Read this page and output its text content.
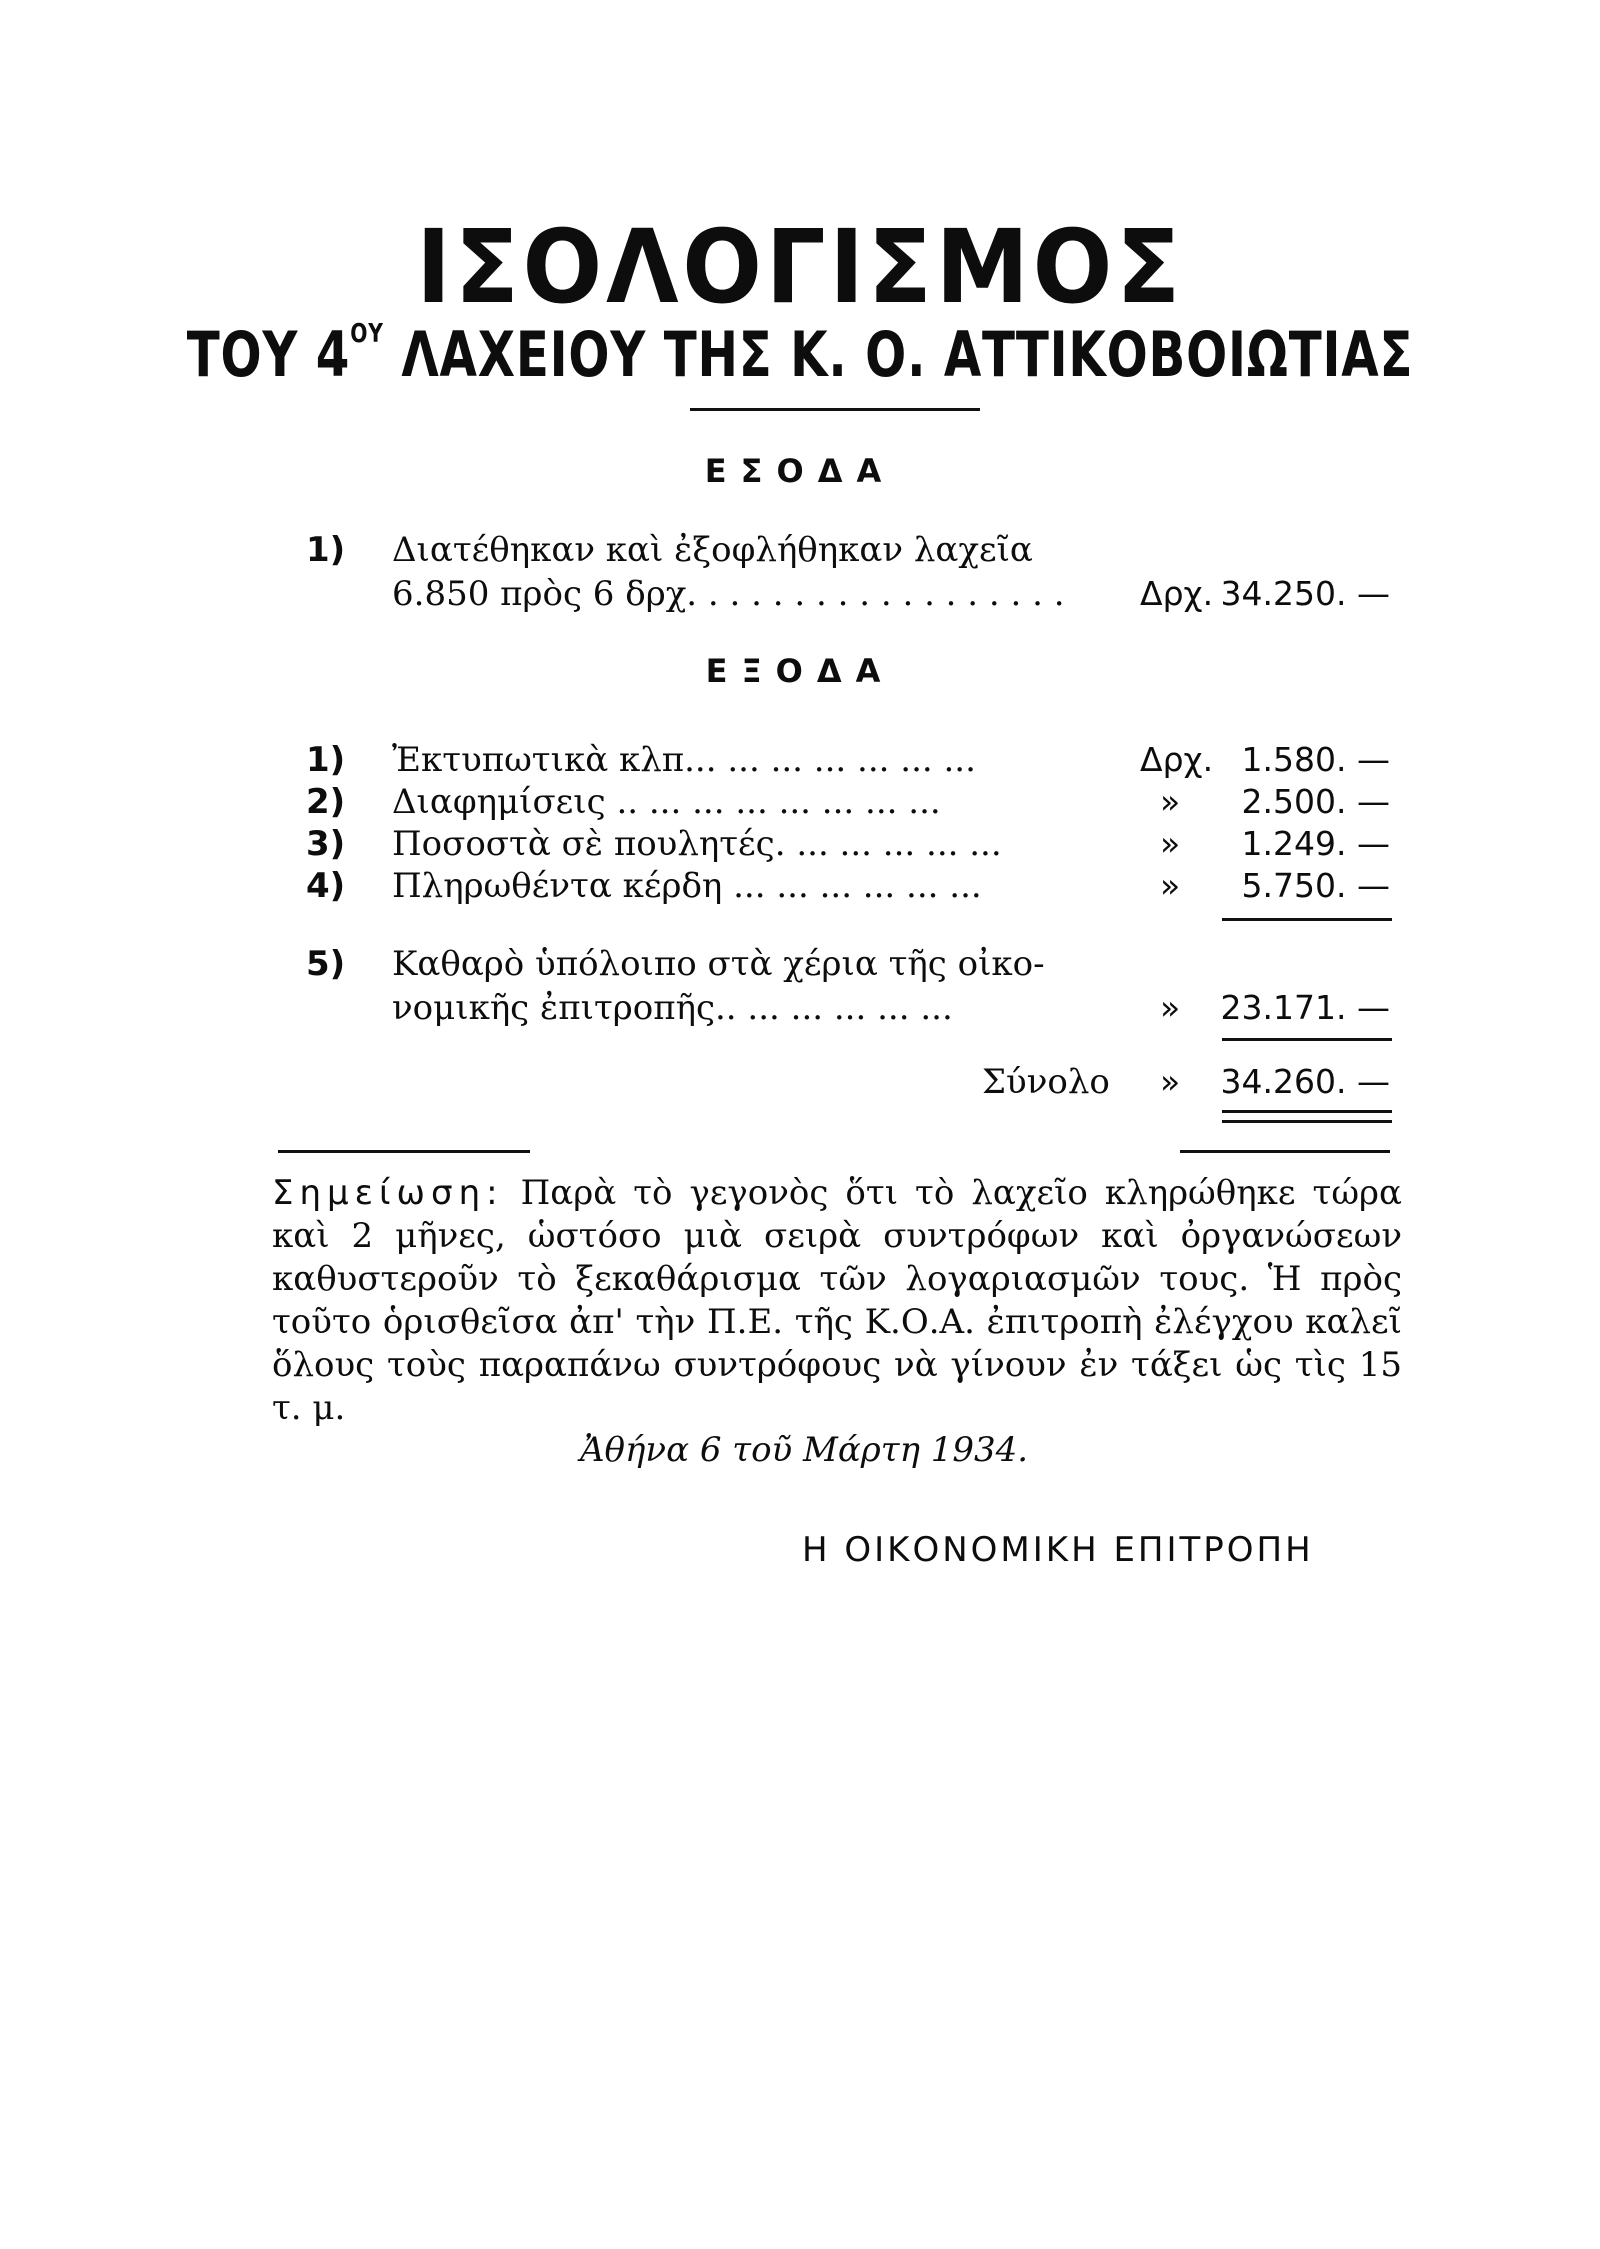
ΙΣΟΛΟΓΙΣΜΟΣ
ΤΟΥ $4^{O\Upsilon}$ ΛΑΧΕΙΟΥ ΤΗΣ Κ. Ο. ΑΤΤΙΚΟΒΟΙΩΤΙΑΣ
ΕΣΟΔΑ
1) Διατέθηκαν καὶ ἐξοφλήθηκαν λαχεῖα
6.850 πρὸς 6 δρχ. . . . . . . . . . . . . . . . . . Δρχ. 34.250. —
ΕΞΟΔΑ
1) Ἐκτυπωτικὰ κλπ... ... ... ... ... ... ...	Δρχ. 1.580. —
2) Διαφημίσεις .. ... ... ... ... ... ... ...	»	2.500. —
3) Ποσοστὰ σὲ πουλητές. ... ... ... ... ...	»	1.249. —
4) Πληρωθέντα κέρδη ... ... ... ... ... ...	»	5.750. —
5) Καθαρὸ ὑπόλοιπο στὰ χέρια τῆς οἰκο-
νομικῆς ἐπιτροπῆς.. ... ... ... ... ...	»	23.171. —
Σύνολο	»	34.260. —
Σημείωση: Παρὰ τὸ γεγονὸς ὅτι τὸ λαχεῖο κληρώθηκε τώρα καὶ 2 μῆνες, ὡστόσο μιὰ σειρὰ συντρόφων καὶ ὀργανώσεων καθυστεροῦν τὸ ξεκαθάρισμα τῶν λογαριασμῶν τους. Ἡ πρὸς τοῦτο ὁρισθεῖσα ἀπ' τὴν Π.Ε. τῆς Κ.Ο.Α. ἐπιτροπὴ ἐλέγχου καλεῖ ὅλους τοὺς παραπάνω συντρόφους νὰ γίνουν ἐν τάξει ὡς τὶς 15 τ. μ.
Ἀθήνα 6 τοῦ Μάρτη 1934.
Η ΟΙΚΟΝΟΜΙΚΗ ΕΠΙΤΡΟΠΗ
